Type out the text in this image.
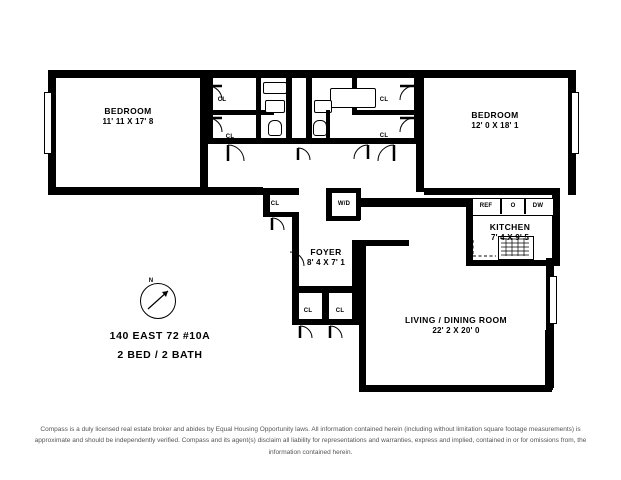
N
BEDROOM
11' 11 X 17' 8
BEDROOM
12' 0 X 18' 1
KITCHEN
7' 4 X 9' 5
FOYER
8' 4 X 7' 1
LIVING / DINING ROOM
22' 2 X 20' 0
CL
CL
CL
CL
CL
CL	CL
W/D	REF	O	DW
140 EAST 72 #10A
2 BED / 2 BATH
Compass is a duly licensed real estate broker and abides by Equal Housing Opportunity laws. All information contained herein (including without limitation square footage measurements) is approximate and should be independently verified. Compass and its agent(s) disclaim all liability for representations and warranties, express and implied, contained in or for omissions from, the information contained herein.
